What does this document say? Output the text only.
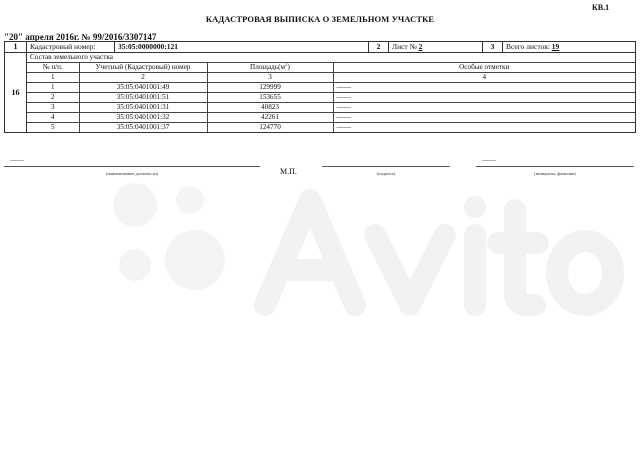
КВ.1
КАДАСТРОВАЯ ВЫПИСКА О ЗЕМЕЛЬНОМ УЧАСТКЕ
"20" апреля 2016г. № 99/2016/3307147
1	Кадастровый номер:	35:05:0000000:121	2	Лист № 2	3	Всего листов: 19
16	
Состав земельного участка
№ п/п.	Учетный (Кадастровый) номер	$Площадь(м^2)$	Особые отметки
1	2	3	4
1	35:05:0401001:49	129999	——
2	35:05:0401001:51	153655	——
3	35:05:0401001:31	40823	——
4	35:05:0401001:32	42261	——
5	35:05:0401001:37	124770	——
——
(наименование должности)	М.П.	(подпись)
——
(инициалы, фамилия)
